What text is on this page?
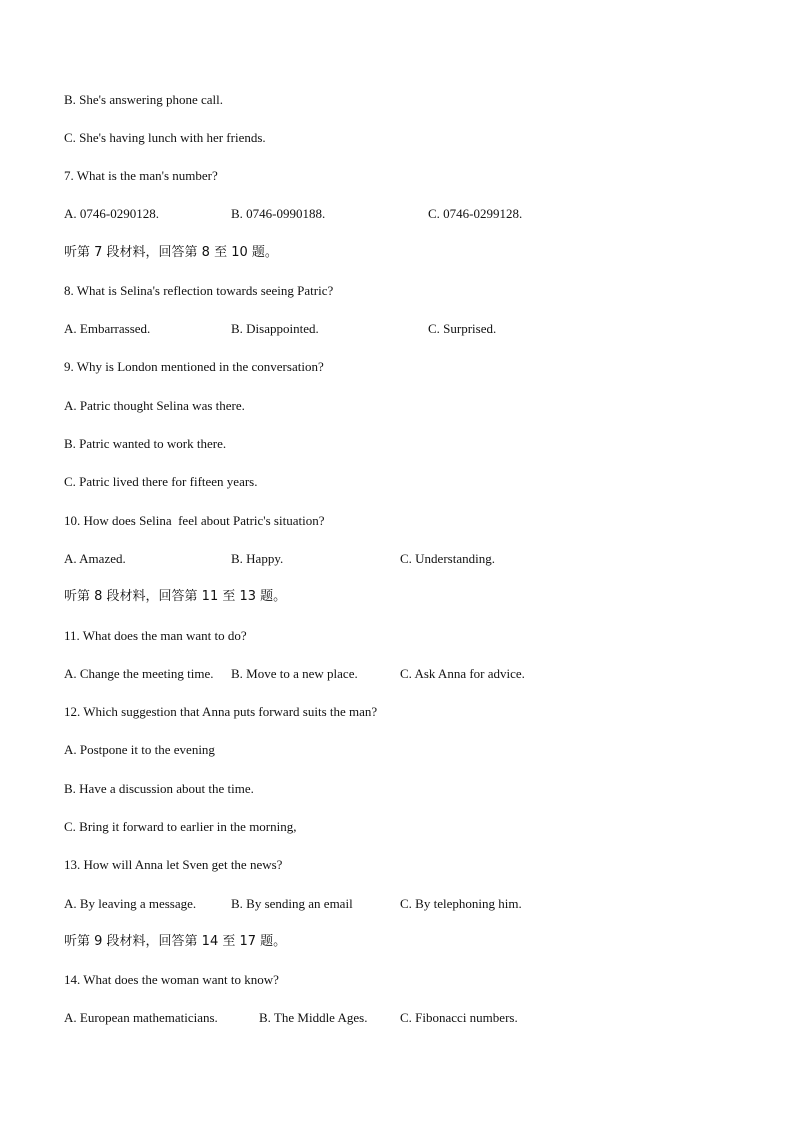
B. She's answering phone call.
C. She's having lunch with her friends.
7. What is the man's number?
A. 0746-0290128.	B. 0746-0990188.	C. 0746-0299128.
听第 7 段材料，回答第 8 至 10 题。
8. What is Selina's reflection towards seeing Patric?
A. Embarrassed.	B. Disappointed.	C. Surprised.
9. Why is London mentioned in the conversation?
A. Patric thought Selina was there.
B. Patric wanted to work there.
C. Patric lived there for fifteen years.
10. How does Selina  feel about Patric's situation?
A. Amazed.	B. Happy.	C. Understanding.
听第 8 段材料，回答第 11 至 13 题。
11. What does the man want to do?
A. Change the meeting time. B. Move to a new place.	C. Ask Anna for advice.
12. Which suggestion that Anna puts forward suits the man?
A. Postpone it to the evening
B. Have a discussion about the time.
C. Bring it forward to earlier in the morning,
13. How will Anna let Sven get the news?
A. By leaving a message.	B. By sending an email	C. By telephoning him.
听第 9 段材料，回答第 14 至 17 题。
14. What does the woman want to know?
A. European mathematicians.	B. The Middle Ages.	C. Fibonacci numbers.
